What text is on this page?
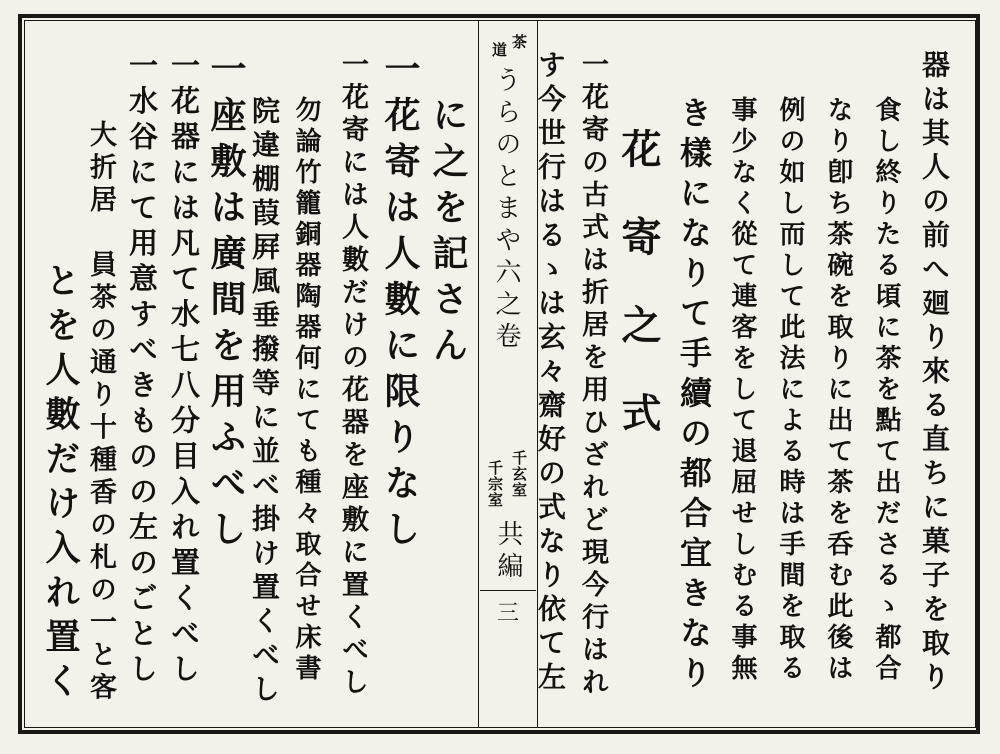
器は其人の前へ廻り來る直ちに菓子を取り
食し終りたる頃に茶を點て出ださるゝ都合
なり卽ち茶碗を取りに出て茶を呑む此後は
例の如し而して此法による時は手間を取る
事少なく從て連客をして退屈せしむる事無
き樣になりて手續の都合宜きなり
花寄之式
一花寄の古式は折居を用ひざれど現今行はれ
す今世行はるゝは玄々齋好の式なり依て左
茶
道
うらのとまや六之卷
千玄室
千宗室
共編
三
に之を記さん
一花寄は人數に限りなし
一花寄には人數だけの花器を座敷に置くべし
勿論竹籠銅器陶器何にても種々取合せ床書
院違棚葭屛風垂撥等に並べ掛け置くべし
一座敷は廣間を用ふべし
一花器には凡て水七八分目入れ置くべし
一水谷にて用意すべきものの左のごとし
大折居　員茶の通り十種香の札の一と客
とを人數だけ入れ置く
